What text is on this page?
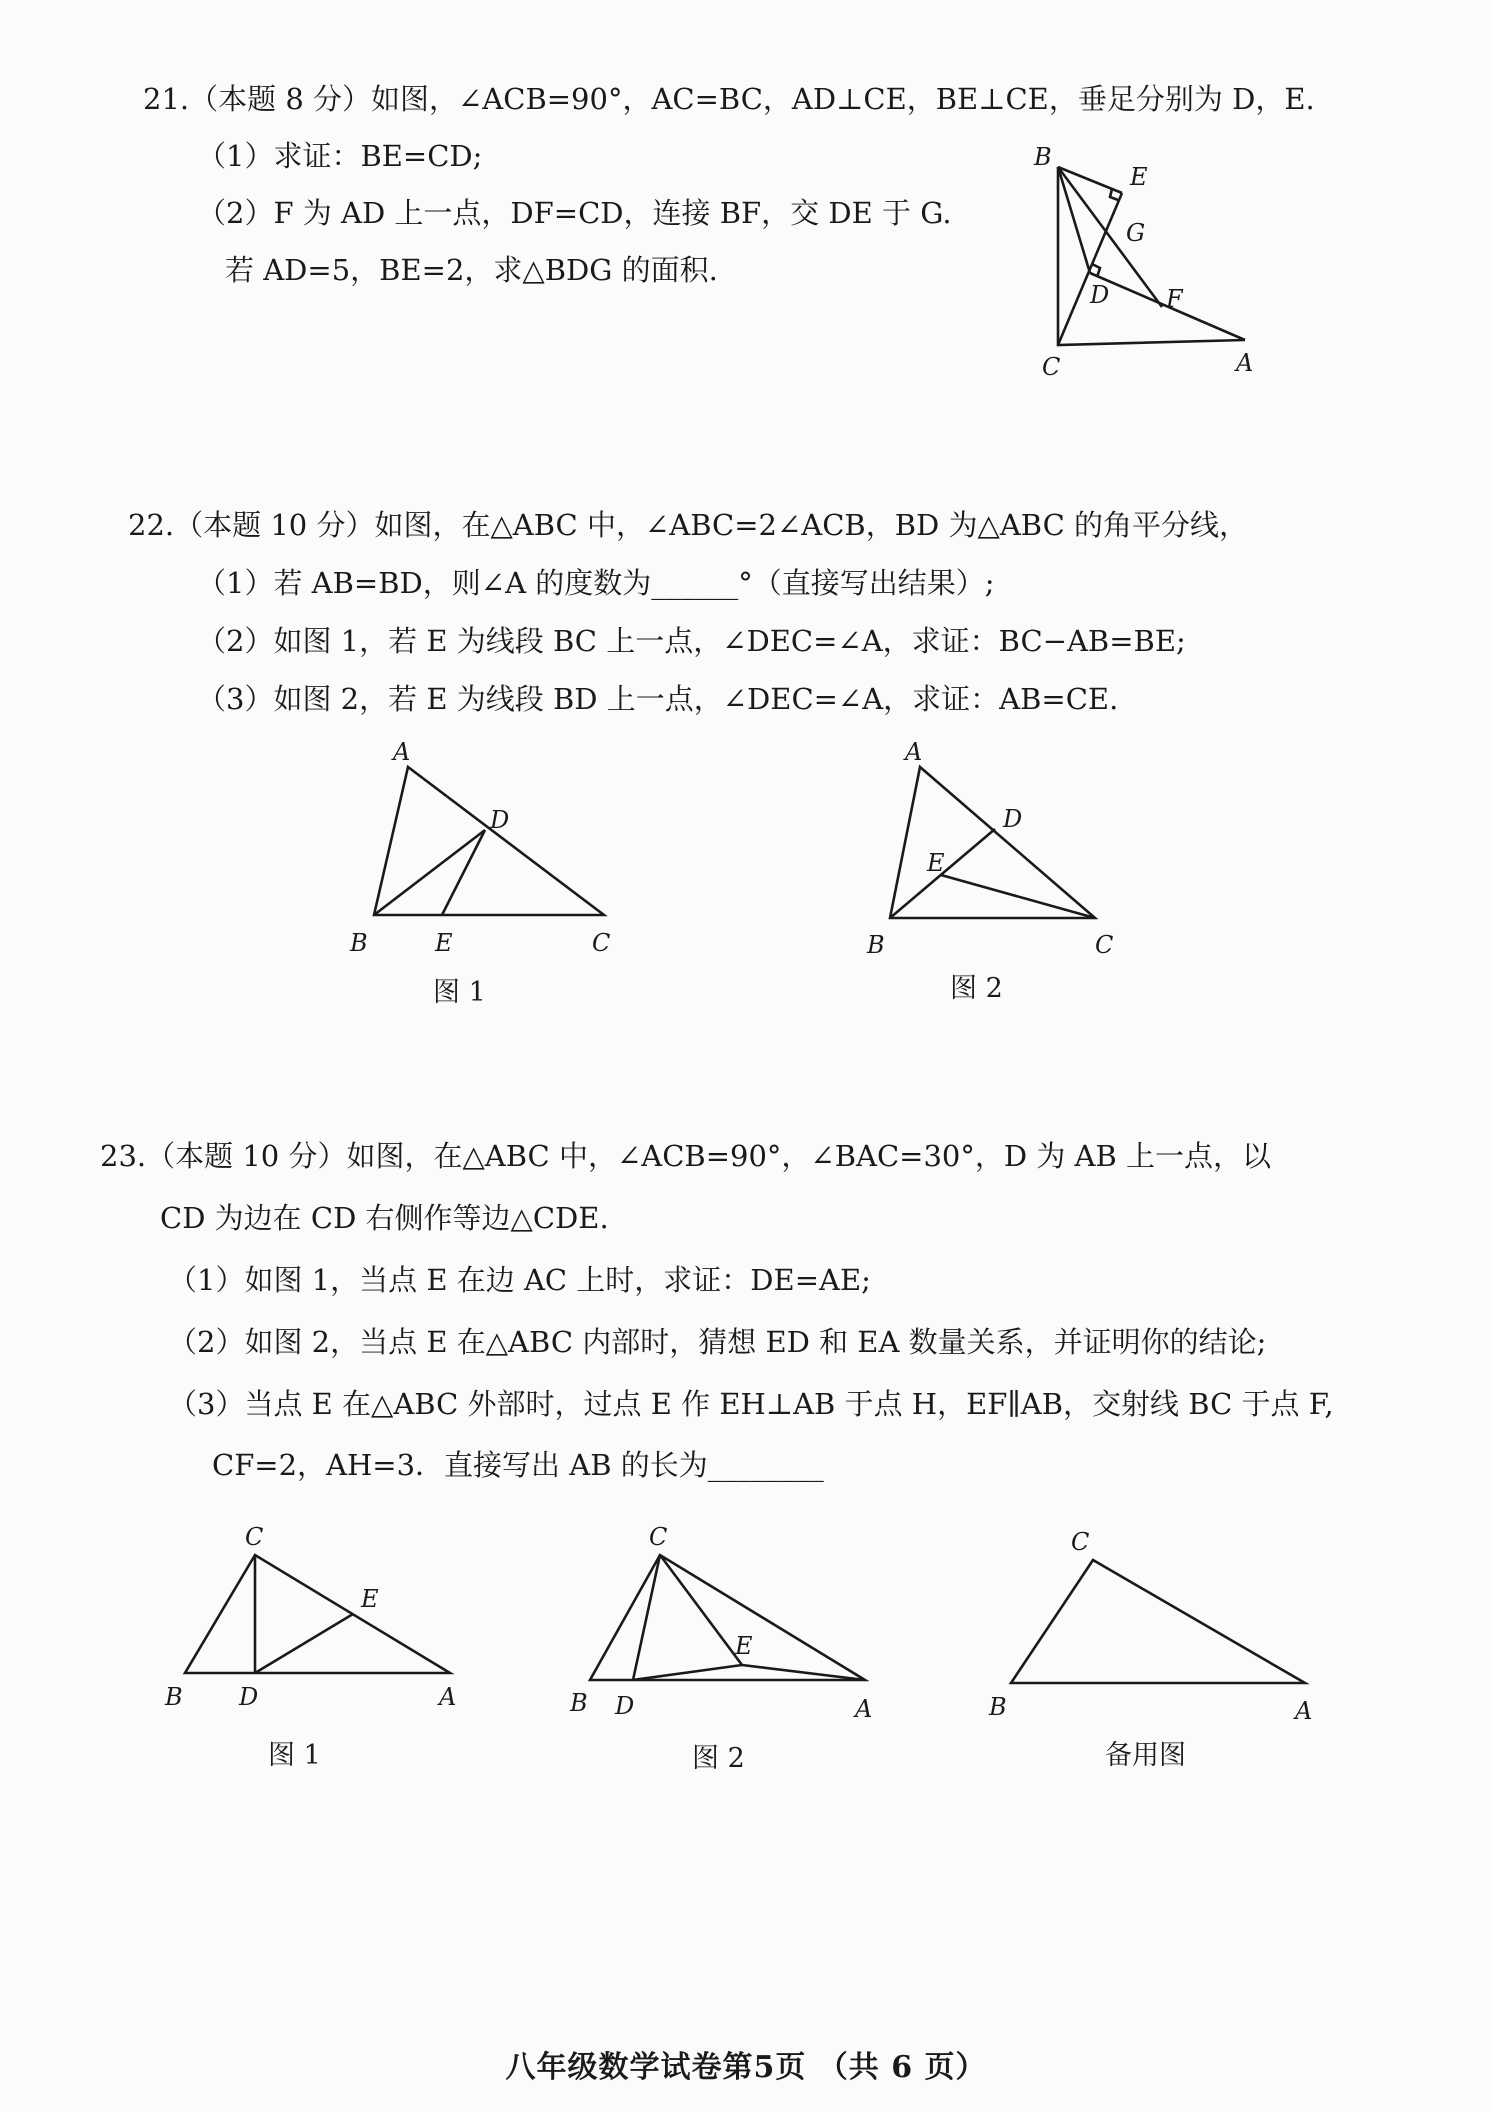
21.（本题 8 分）如图，∠ACB=90°，AC=BC，AD⊥CE，BE⊥CE，垂足分别为 D，E.
（1）求证：BE=CD;
（2）F 为 AD 上一点，DF=CD，连接 BF，交 DE 于 G.
若 AD=5，BE=2，求△BDG 的面积.
B
E
G
D F
C	A
22.（本题 10 分）如图，在△ABC 中，∠ABC=2∠ACB，BD 为△ABC 的角平分线，
（1）若 AB=BD，则∠A 的度数为______°（直接写出结果）;
（2）如图 1，若 E 为线段 BC 上一点，∠DEC=∠A，求证：BC−AB=BE;
（3）如图 2，若 E 为线段 BD 上一点，∠DEC=∠A，求证：AB=CE.
A
D
B	E	C
图 1
A
D
E
B	C
图 2
23.（本题 10 分）如图，在△ABC 中，∠ACB=90°，∠BAC=30°，D 为 AB 上一点，以
CD 为边在 CD 右侧作等边△CDE.
（1）如图 1，当点 E 在边 AC 上时，求证：DE=AE;
（2）如图 2，当点 E 在△ABC 内部时，猜想 ED 和 EA 数量关系，并证明你的结论;
（3）当点 E 在△ABC 外部时，过点 E 作 EH⊥AB 于点 H，EF∥AB，交射线 BC 于点 F,
CF=2，AH=3．直接写出 AB 的长为________
C
E
B D	A
图 1
C
E
B D	A
图 2
C
B	A
备用图
八年级数学试卷第5页 （共 6 页）
